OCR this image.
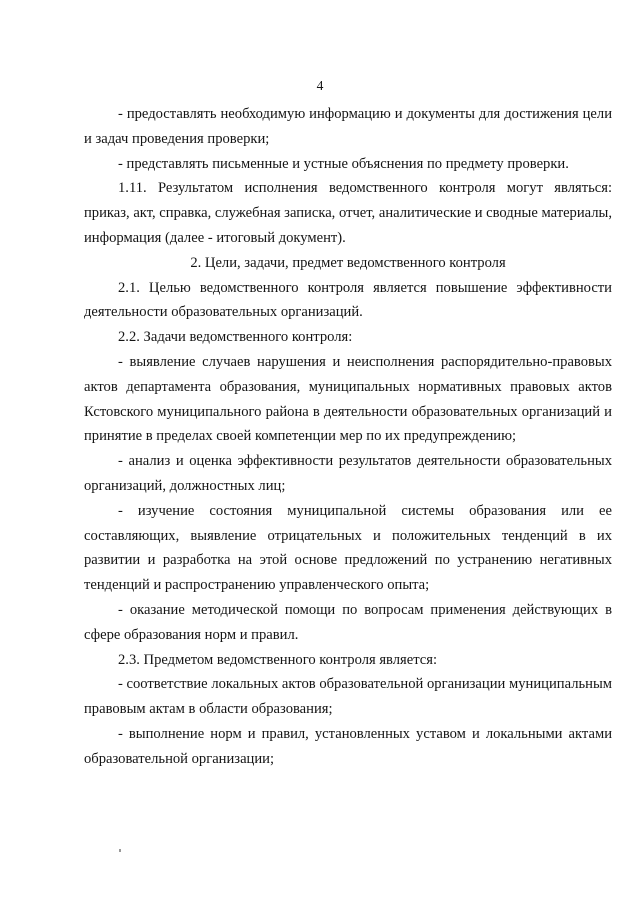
4

- предоставлять необходимую информацию и документы для достижения цели и задач проведения проверки;

- представлять письменные и устные объяснения по предмету проверки.

1.11. Результатом исполнения ведомственного контроля могут являться: приказ, акт, справка, служебная записка, отчет, аналитические и сводные материалы, информация (далее - итоговый документ).

2. Цели, задачи, предмет ведомственного контроля

2.1. Целью ведомственного контроля является повышение эффективности деятельности образовательных организаций.

2.2. Задачи ведомственного контроля:

- выявление случаев нарушения и неисполнения распорядительно-правовых актов департамента образования, муниципальных нормативных правовых актов Кстовского муниципального района в деятельности образовательных организаций и принятие в пределах своей компетенции мер по их предупреждению;

- анализ и оценка эффективности результатов деятельности образовательных организаций, должностных лиц;

- изучение состояния муниципальной системы образования или ее составляющих, выявление отрицательных и положительных тенденций в их развитии и разработка на этой основе предложений по устранению негативных тенденций и распространению управленческого опыта;

- оказание методической помощи по вопросам применения действующих в сфере образования норм и правил.

2.3. Предметом ведомственного контроля является:

- соответствие локальных актов образовательной организации муниципальным правовым актам в области образования;

- выполнение норм и правил, установленных уставом и локальными актами образовательной организации;
